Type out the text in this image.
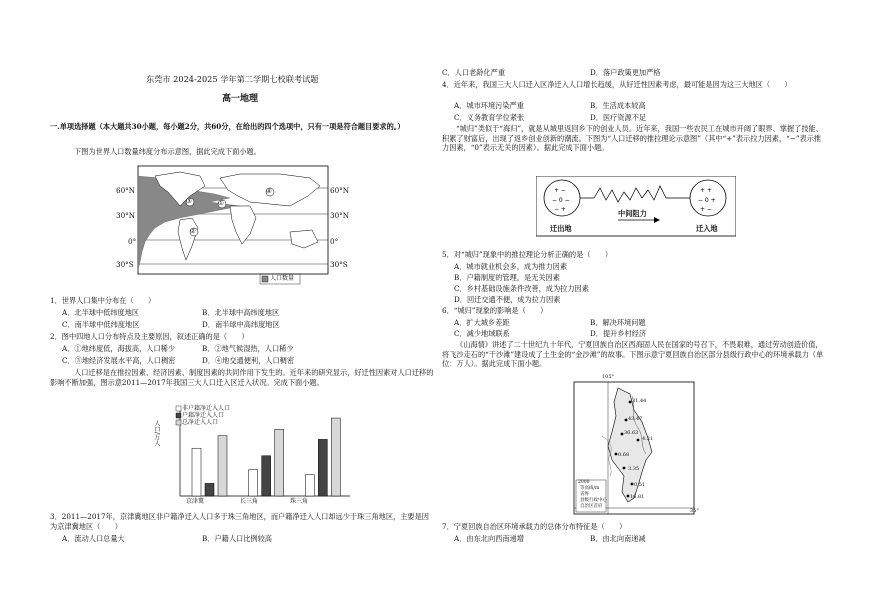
东莞市 2024-2025 学年第二学期七校联考试题
高一地理
一.单项选择题（本大题共30小题，每小题2分，共60分，在给出的四个选项中，只有一项是符合题目要求的。）
下图为世界人口数量纬度分布示意图，据此完成下面小题。
60°N
30°N
0°
30°S
60°N
30°N
0°
30°S
①
②
③
④
人口数量
1．世界人口集中分布在（　　）
A．北半球中低纬度地区	B．北半球中高纬度地区
C．南半球中低纬度地区	D．南半球中高纬度地区
2．图中四地人口分布特点及主要原因，叙述正确的是（　　）
A．①地纬度低，海拔高，人口稀少	B．②地气候湿热，人口稀少
C．③地经济发展水平高，人口稠密	D．④地交通便利，人口稠密
人口迁移是在推拉因素、经济因素、制度因素的共同作用下发生的。近年来的研究显示，好迁性因素对人口迁移的影响不断加强，图示意2011—2017年我国三大人口迁入区迁入状况。完成下面小题。
人口/万人
非户籍净迁入人口
户籍净迁入人口
总净迁入人口
京津冀	长三角	珠三角
3．2011—2017年，京津冀地区非户籍净迁入人口多于珠三角地区，而户籍净迁入人口却远少于珠三角地区，主要是因为京津冀地区（　　）
A．流动人口总量大	B．户籍人口比例较高
C．人口老龄化严重	D．落户政策更加严格
4．近年来，我国三大人口迁入区净迁入人口增长趋缓，从好迁性因素考虑，最可能是因为这三大地区（　　）
A．城市环境污染严重	B．生活成本较高
C．义务教育学位紧张	D．医疗资源不足
“城归”类似于“海归”，就是从城里返回乡下的创业人员。近年来，我国一些农民工在城市开阔了眼界、掌握了技能、积累了财富后，出现了返乡创业创新的潮流。下图为“人口迁移的推拉理论示意图”（其中“+”表示拉力因素，“−”表示推力因素，“0”表示无关的因素）。据此完成下面小题。
+ −
− 0 −
− +
+ +
− 0 +
+ −
迁出地
中间阻力
迁入地
5．对“城归”现象中的推拉理论分析正确的是（　　）
A．城市就业机会多，成为推力因素
B．户籍制度的管理，是无关因素
C．乡村基础设施条件改善，成为拉力因素
D．回迁交通不便，成为拉力因素
6．“城归”现象的影响是（　　）
A．扩大城乡差距	B．解决环境问题
C．减少地域联系	D．提升乡村经济
《山海情》讲述了二十世纪九十年代，宁夏回族自治区西海固人民在国家的号召下，不畏艰难，通过劳动创造价值，将飞沙走石的“干沙滩”建设成了土生金的“金沙滩”的故事。下图示意宁夏回族自治区部分县级行政中心的环境承载力（单位：万人）。据此完成下面小题。
105°
35°
31.44
43.47
36.63
4.21
0.68
3.35
0.51
16.81
2000
等高线/m
省界
县级行政中心
自治区首府
7．宁夏回族自治区环境承载力的总体分布特征是（　　）
A．由东北向西南递增	B．由北向南递减
